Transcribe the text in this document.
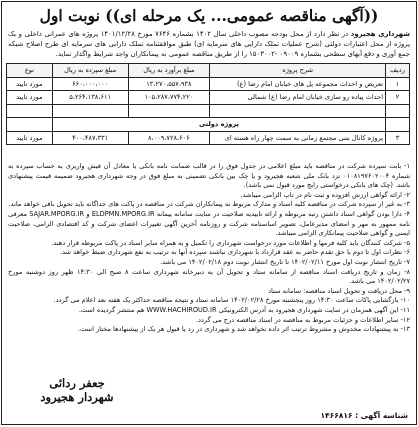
((آگهی مناقصه عمومی... یک مرحله ای)) نوبت اول
شهرداری هجیرود در نظر دارد از محل بودجه مصوب داخلی سال ۱۴۰۲ بشماره ۷۶۴۶ مورخ ۱۴۰۱/۱۲/۲۸ پروژه های عمرانی داخلی و یک پروژه از محل اعتبارات دولتی (شرح عملیات تملک دارایی های سرمایه ای) طبق موافقتنامه تملک دارایی های سرمایه ای طرح اصلاح شبکه جمع آوری و دفع آبهای سطحی بشماره ۰۹۰۰۹ -۱۵۰۳۰۰۲ را از طریق مناقصه عمومی به پیمانکاران واجد شرایط واگذار نماید.
ردیف	شرح پروژه	مبلغ برآورد به ریال	مبلغ سپرده به ریال	نوع
۱	تعریض و احداث مجموعه پل های خیابان امام رضا (ع)	۱۳،۲۷۰،۵۵۷،۹۳۸	۶۶۰،۰۰۰،۰۰۰	مورد تایید
۲	احداث پیاده رو سازی خیابان امام رضا (ع) شمالی	۱۰۵،۲۸۷،۷۷۴،۲۲۰	۵،۲۶۴،۱۳۸،۶۱۱	مورد تایید

	پروژه دولتی			
۳	پروژه کانال بتنی مجتمع زمانی به سمت چهار راه هسته ای	۸،۰۰۹،۷۲۸،۶۰۶	۴۰۰،۴۸۷،۳۳۱	مورد تایید

۱- بابت سپرده شرکت در مناقصه باید مبلغ اعلامی در جدول فوق را در قالب ضمانت نامه بانکی یا معادل آن فیش واریزی به حساب سپرده به شماره ۰۱۰۸۱۹۷۶۰۲۰۰۴ نزد بانک ملی شعبه هجیرود و یا چک بین بانکی تضمینی به مبلغ فوق در وجه شهرداری هجیرود ضمیمه قیمت پیشنهادی باشد. (چک های بانکی درخواستی رایج مورد قبول نمی باشد).

۲- ارائه گواهی ارزش افزوده و ثبت نام در تاپ الزامی میباشد.

۳- به غیر از سپرده شرکت در مناقصه کلیه اسناد و مدارک مربوط به پیمانکاران شرکت در مناقصه در پاکت های جداگانه باید تحویل باقی خواهد ماند.

۴- دارا بودن گواهی اسناد داشتن رتبه مربوطه و ارائه تاییدیه صلاحیت در سایت سامانه پیمانه ELDPMN.MPORG.IR و SAJAR.MPORG.IR معرفی نامه ممهور به مهر و امضای مدیرعامل، تصویر اساسنامه شرکت و روزنامه آخرین آگهی تغییرات اعضای شرکت و کد اقتصادی الزامی، صلاحیت ایمنی و گواهی صلاحیت پیمانکاری الزامی میباشد.

۵- شرکت کنندگان باید کلیه فرمها و اطلاعات مورد درخواست شهرداری را تکمیل و به همراه سایر اسناد در پاکت مربوطه قرار دهند.

۶- نظرات اول تا دوم با حق تقدم حاضر به عقد قرارداد با شهرداری نباشند سپرده آنها به ترتیب به نفع شهرداری ضبط خواهد شد.

۷- تاریخ انتشار نوبت اول مورخ ۱۴۰۲/۰۲/۱۱ تا تاریخ انتشار نوبت دوم ۱۴۰۲/۰۲/۱۸ می باشد.

۸- زمان و تاریخ دریافت اسناد مناقصه از سامانه ستاد و تحویل آن به دبیرخانه شهرداری ساعت ۸ صبح الی ۱۴:۳۰ ظهر روز دوشنبه مورخ ۱۴۰۲/۰۲/۲۷ می باشد.

۹- محل دریافت و تحویل اسناد مناقصه: سامانه ستاد

۱۰- بازگشایی پاکات ساعت ۱۴:۳۰ روز پنجشنبه مورخ ۱۴۰۲/۰۲/۲۸ سامانه ستاد و نتیجه مناقصه حداکثر یک هفته بعد اعلام می گردد.

۱۱- این آگهی همزمان در سایت شهرداری هجیرود به آدرس الکترونیکی WWW.HACHIROUD.IR هم منتشر گردیده است.

۱۲- سایر اطلاعات و جزئیات مربوط به مناقصه در اسناد مناقصه درج می گردد.

۱۳- به پیشنهادات مخدوش و مشروط ترتیب اثر داده نخواهد شد و شهرداری در رد یا قبول هر یک از پیشنهادها مختار است.

جعفر ردائی
شهردار هجیرود
شناسه آگهی : ۱۴۶۶۸۱۶
